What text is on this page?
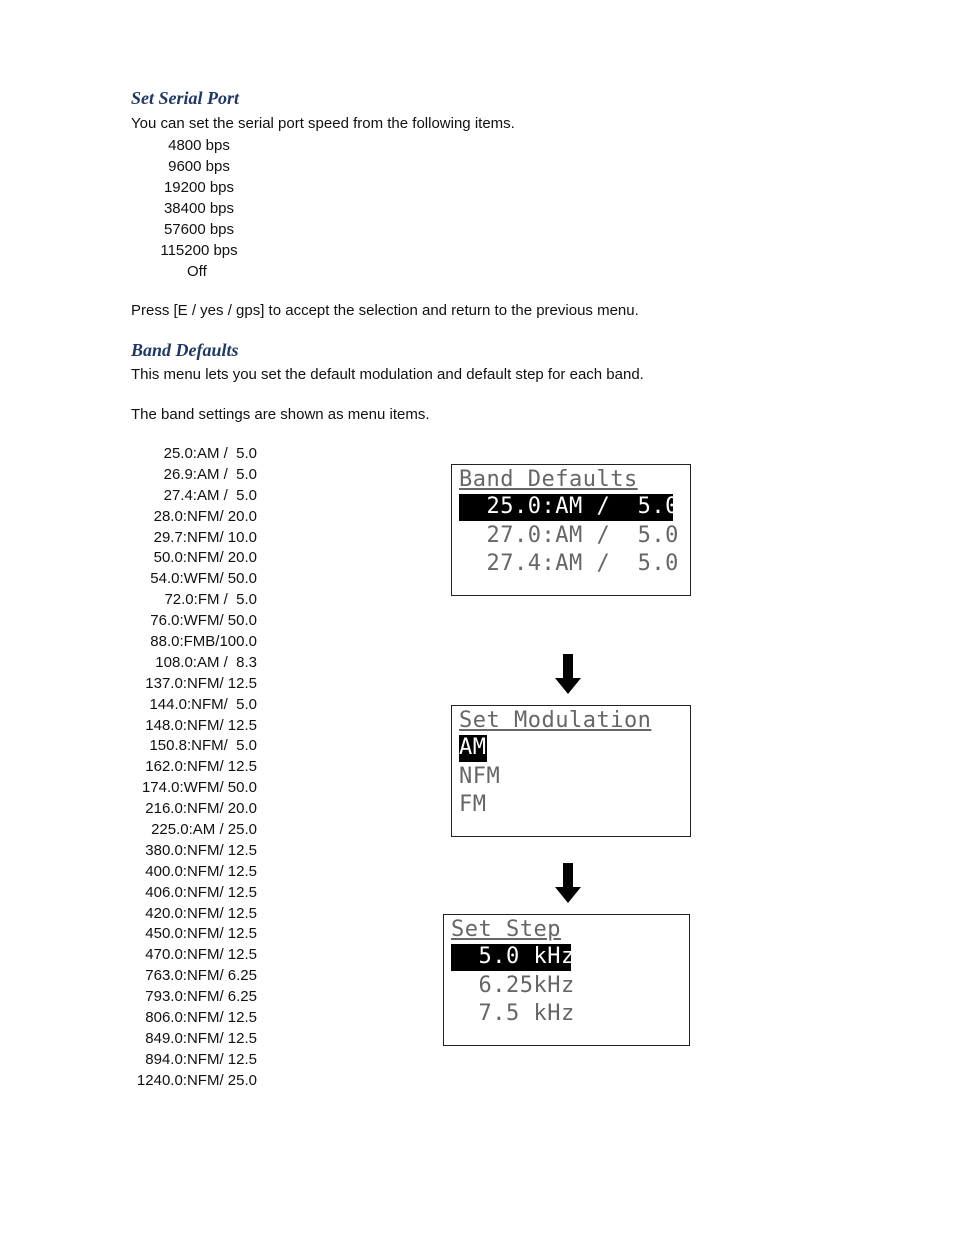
Set Serial Port

You can set the serial port speed from the following items.

4800 bps
9600 bps
19200 bps
38400 bps
57600 bps
115200 bps
Off

Press [E / yes / gps] to accept the selection and return to the previous menu.

Band Defaults

This menu lets you set the default modulation and default step for each band.

The band settings are shown as menu items.

25.0:AM /  5.0
26.9:AM /  5.0
27.4:AM /  5.0
28.0:NFM/ 20.0
29.7:NFM/ 10.0
50.0:NFM/ 20.0
54.0:WFM/ 50.0
72.0:FM /  5.0
76.0:WFM/ 50.0
88.0:FMB/100.0
108.0:AM /  8.3
137.0:NFM/ 12.5
144.0:NFM/  5.0
148.0:NFM/ 12.5
150.8:NFM/  5.0
162.0:NFM/ 12.5
174.0:WFM/ 50.0
216.0:NFM/ 20.0
225.0:AM / 25.0
380.0:NFM/ 12.5
400.0:NFM/ 12.5
406.0:NFM/ 12.5
420.0:NFM/ 12.5
450.0:NFM/ 12.5
470.0:NFM/ 12.5
763.0:NFM/ 6.25
793.0:NFM/ 6.25
806.0:NFM/ 12.5
849.0:NFM/ 12.5
894.0:NFM/ 12.5
1240.0:NFM/ 25.0
Band Defaults
25.0:AM /  5.0
27.0:AM /  5.0
27.4:AM /  5.0
Set Modulation
AM
NFM
FM
Set Step
5.0 kHz
6.25kHz
7.5 kHz
